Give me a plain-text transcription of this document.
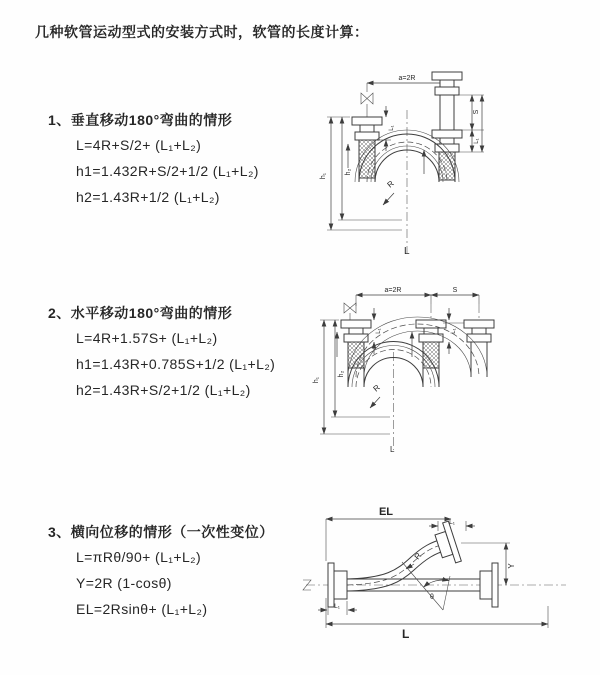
几种软管运动型式的安装方式时，软管的长度计算：
1、垂直移动180°弯曲的情形
L=4R+S/2+ (L₁+L₂)
h1=1.432R+S/2+1/2 (L₁+L₂)
h2=1.43R+1/2 (L₁+L₂)
2、水平移动180°弯曲的情形
L=4R+1.57S+ (L₁+L₂)
h1=1.43R+0.785S+1/2 (L₁+L₂)
h2=1.43R+S/2+1/2 (L₁+L₂)
3、横向位移的情形（一次性变位）
L=πRθ/90+ (L₁+L₂)
Y=2R (1-cosθ)
EL=2Rsinθ+ (L₁+L₂)
a=2R
h₁
h₂
L₁
S
L₁
R
L
a=2R	S
h₁
h₂
L₁	L₁
R
L
EL
L₁
Y
θ
R
L₁
L
